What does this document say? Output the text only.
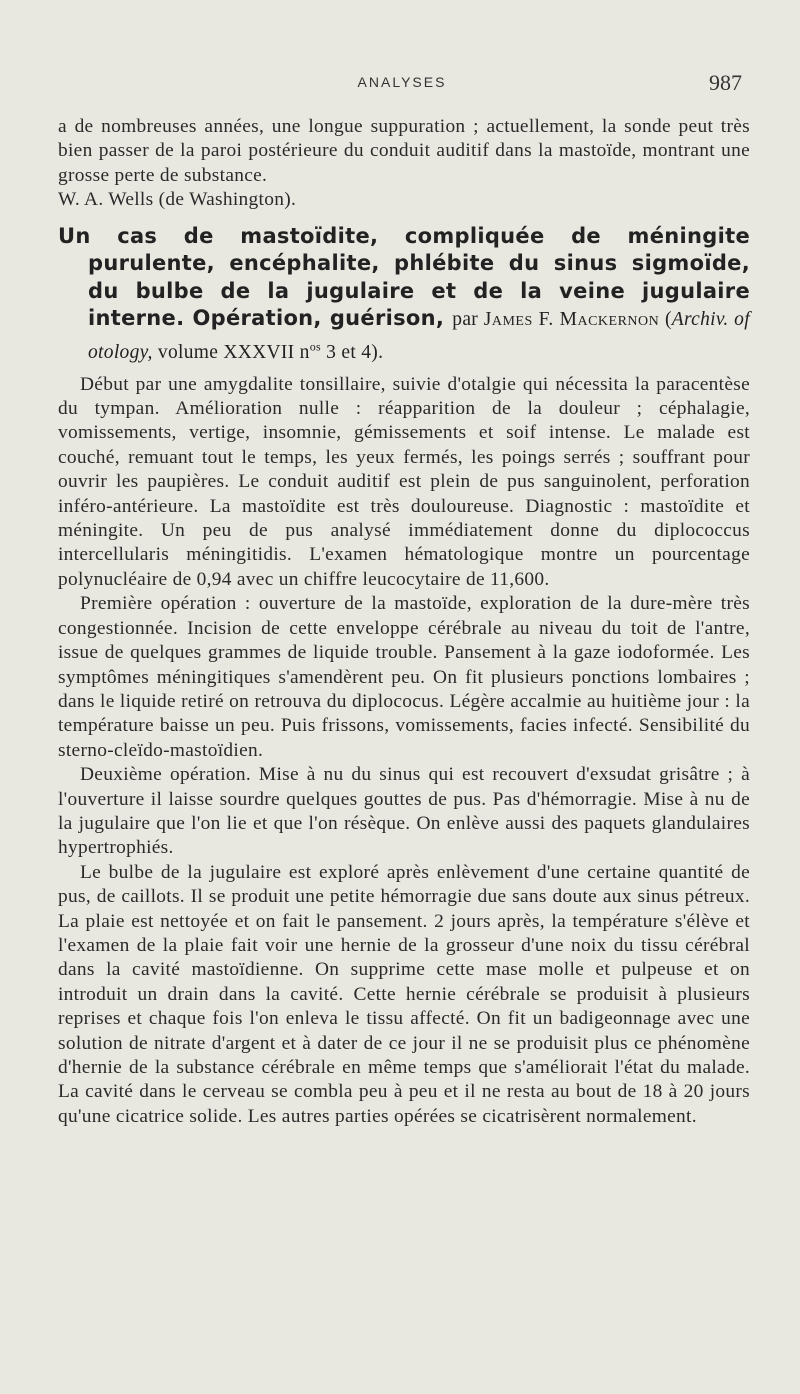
ANALYSES	987

a de nombreuses années, une longue suppuration ; actuellement, la sonde peut très bien passer de la paroi postérieure du conduit auditif dans la mastoïde, montrant une grosse perte de substance.

W. A. Wells (de Washington).

Un cas de mastoïdite, compliquée de méningite purulente, encéphalite, phlébite du sinus sigmoïde, du bulbe de la jugulaire et de la veine jugulaire interne. Opération, guérison, par James F. Mackernon (Archiv. of otology, volume XXXVII $n^{os}$ 3 et 4).

Début par une amygdalite tonsillaire, suivie d'otalgie qui nécessita la paracentèse du tympan. Amélioration nulle : réapparition de la douleur ; céphalagie, vomissements, vertige, insomnie, gémissements et soif intense. Le malade est couché, remuant tout le temps, les yeux fermés, les poings serrés ; souffrant pour ouvrir les paupières. Le conduit auditif est plein de pus sanguinolent, perforation inféro-antérieure. La mastoïdite est très douloureuse. Diagnostic : mastoïdite et méningite. Un peu de pus analysé immédiatement donne du diplococcus intercellularis méningitidis. L'examen hématologique montre un pourcentage polynucléaire de 0,94 avec un chiffre leucocytaire de 11,600.

Première opération : ouverture de la mastoïde, exploration de la dure-mère très congestionnée. Incision de cette enveloppe cérébrale au niveau du toit de l'antre, issue de quelques grammes de liquide trouble. Pansement à la gaze iodoformée. Les symptômes méningitiques s'amendèrent peu. On fit plusieurs ponctions lombaires ; dans le liquide retiré on retrouva du diplococus. Légère accalmie au huitième jour : la température baisse un peu. Puis frissons, vomissements, facies infecté. Sensibilité du sterno-cleïdo-mastoïdien.

Deuxième opération. Mise à nu du sinus qui est recouvert d'exsudat grisâtre ; à l'ouverture il laisse sourdre quelques gouttes de pus. Pas d'hémorragie. Mise à nu de la jugulaire que l'on lie et que l'on résèque. On enlève aussi des paquets glandulaires hypertrophiés.

Le bulbe de la jugulaire est exploré après enlèvement d'une certaine quantité de pus, de caillots. Il se produit une petite hémorragie due sans doute aux sinus pétreux. La plaie est nettoyée et on fait le pansement. 2 jours après, la température s'élève et l'examen de la plaie fait voir une hernie de la grosseur d'une noix du tissu cérébral dans la cavité mastoïdienne. On supprime cette mase molle et pulpeuse et on introduit un drain dans la cavité. Cette hernie cérébrale se produisit à plusieurs reprises et chaque fois l'on enleva le tissu affecté. On fit un badigeonnage avec une solution de nitrate d'argent et à dater de ce jour il ne se produisit plus ce phénomène d'hernie de la substance cérébrale en même temps que s'améliorait l'état du malade. La cavité dans le cerveau se combla peu à peu et il ne resta au bout de 18 à 20 jours qu'une cicatrice solide. Les autres parties opérées se cicatrisèrent normalement.
